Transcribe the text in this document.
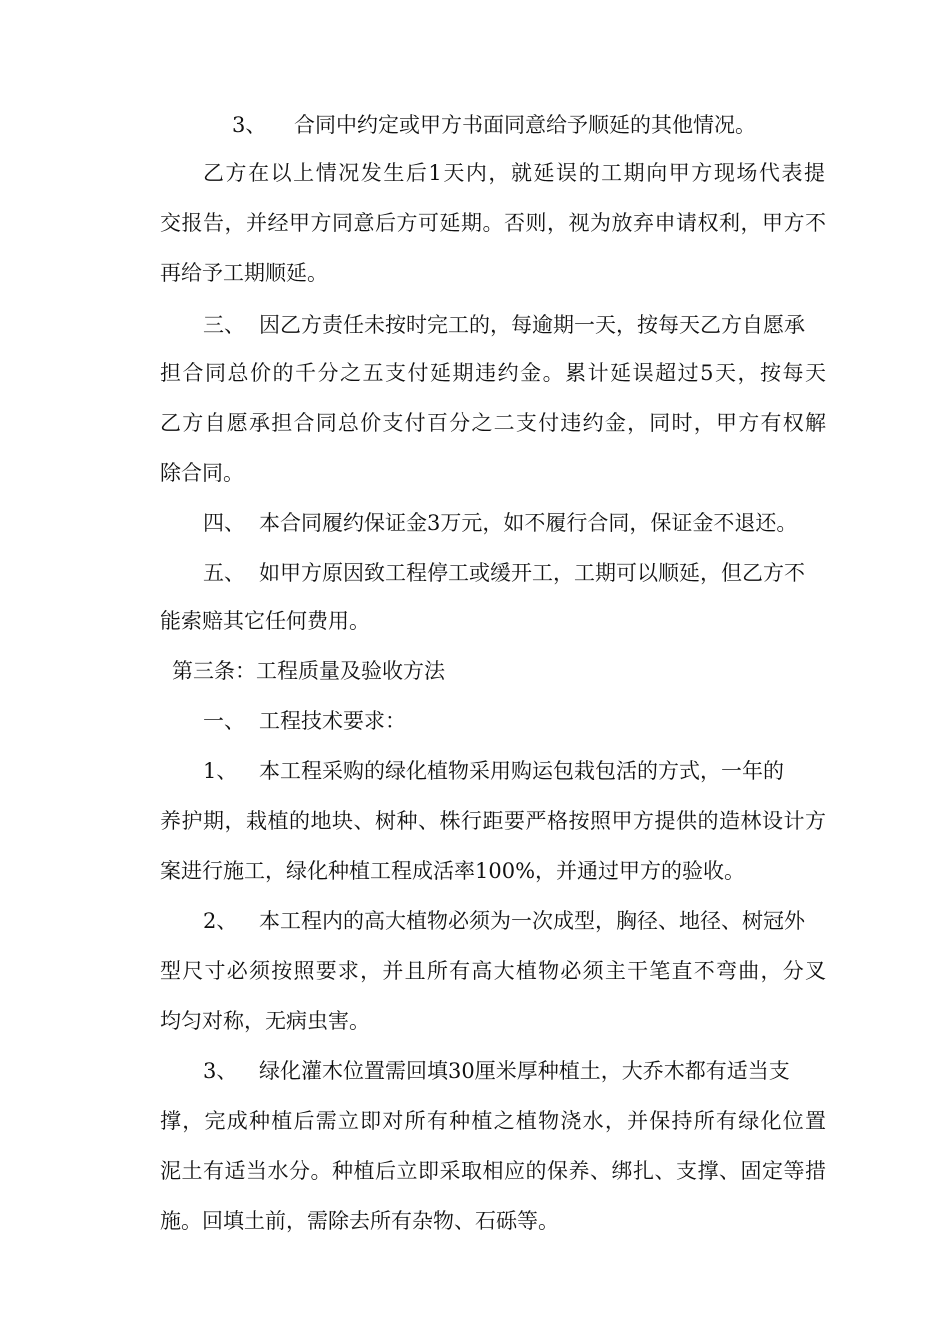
3、 合同中约定或甲方书面同意给予顺延的其他情况。
乙方在以上情况发生后1天内，就延误的工期向甲方现场代表提
交报告，并经甲方同意后方可延期。否则，视为放弃申请权利，甲方不
再给予工期顺延。
三、 因乙方责任未按时完工的，每逾期一天，按每天乙方自愿承
担合同总价的千分之五支付延期违约金。累计延误超过5天，按每天
乙方自愿承担合同总价支付百分之二支付违约金，同时，甲方有权解
除合同。
四、 本合同履约保证金3万元，如不履行合同，保证金不退还。
五、 如甲方原因致工程停工或缓开工，工期可以顺延，但乙方不
能索赔其它任何费用。
第三条：工程质量及验收方法
一、 工程技术要求：
1、 本工程采购的绿化植物采用购运包栽包活的方式，一年的
养护期，栽植的地块、树种、株行距要严格按照甲方提供的造林设计方
案进行施工，绿化种植工程成活率100%，并通过甲方的验收。
2、 本工程内的高大植物必须为一次成型，胸径、地径、树冠外
型尺寸必须按照要求，并且所有高大植物必须主干笔直不弯曲，分叉
均匀对称，无病虫害。
3、 绿化灌木位置需回填30厘米厚种植土，大乔木都有适当支
撑，完成种植后需立即对所有种植之植物浇水，并保持所有绿化位置
泥土有适当水分。种植后立即采取相应的保养、绑扎、支撑、固定等措
施。回填土前，需除去所有杂物、石砾等。
